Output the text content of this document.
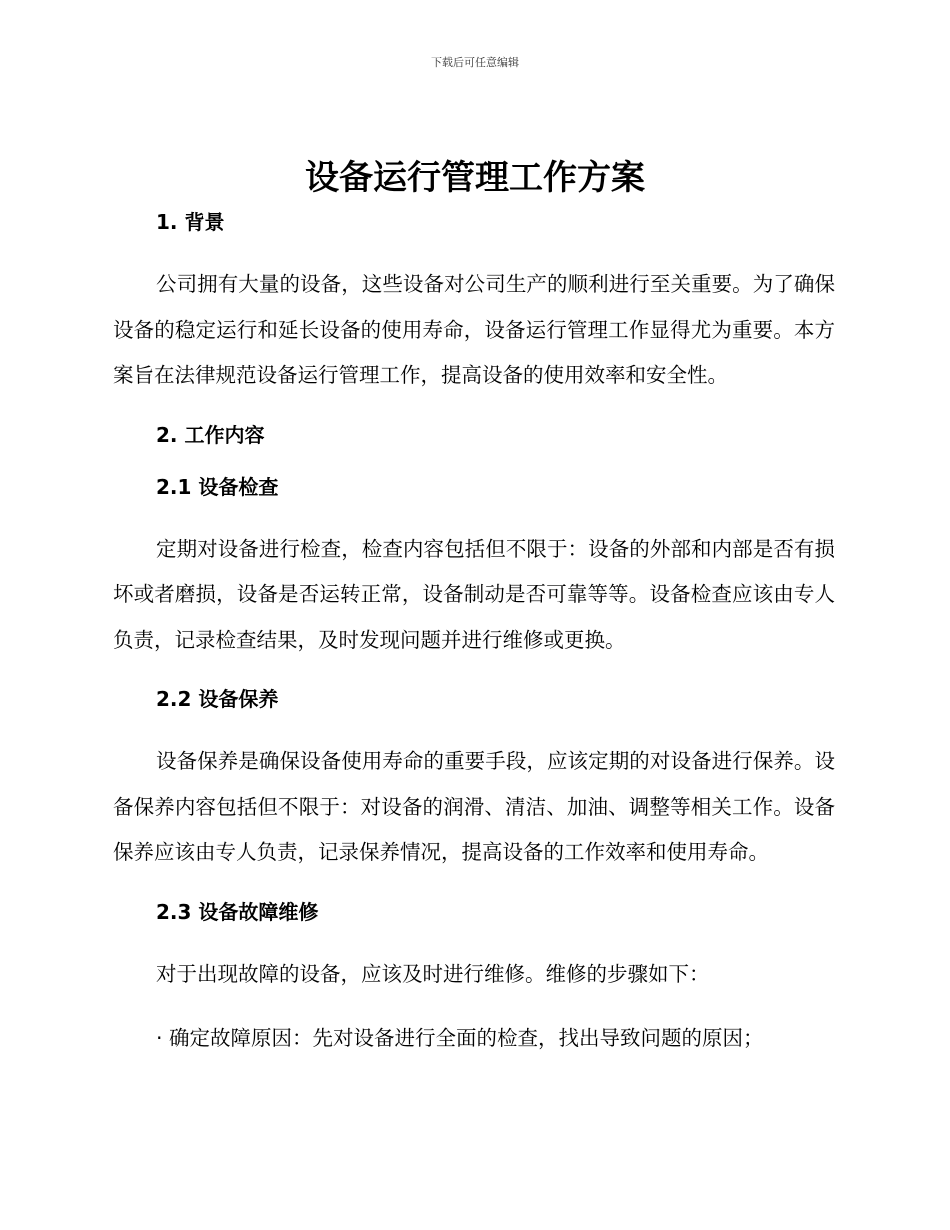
下载后可任意编辑
设备运行管理工作方案
1. 背景

公司拥有大量的设备，这些设备对公司生产的顺利进行至关重要。为了确保设备的稳定运行和延长设备的使用寿命，设备运行管理工作显得尤为重要。本方案旨在法律规范设备运行管理工作，提高设备的使用效率和安全性。

2. 工作内容
2.1 设备检查

定期对设备进行检查，检查内容包括但不限于：设备的外部和内部是否有损坏或者磨损，设备是否运转正常，设备制动是否可靠等等。设备检查应该由专人负责，记录检查结果，及时发现问题并进行维修或更换。

2.2 设备保养

设备保养是确保设备使用寿命的重要手段，应该定期的对设备进行保养。设备保养内容包括但不限于：对设备的润滑、清洁、加油、调整等相关工作。设备保养应该由专人负责，记录保养情况，提高设备的工作效率和使用寿命。

2.3 设备故障维修

对于出现故障的设备，应该及时进行维修。维修的步骤如下：

· 确定故障原因：先对设备进行全面的检查，找出导致问题的原因；
